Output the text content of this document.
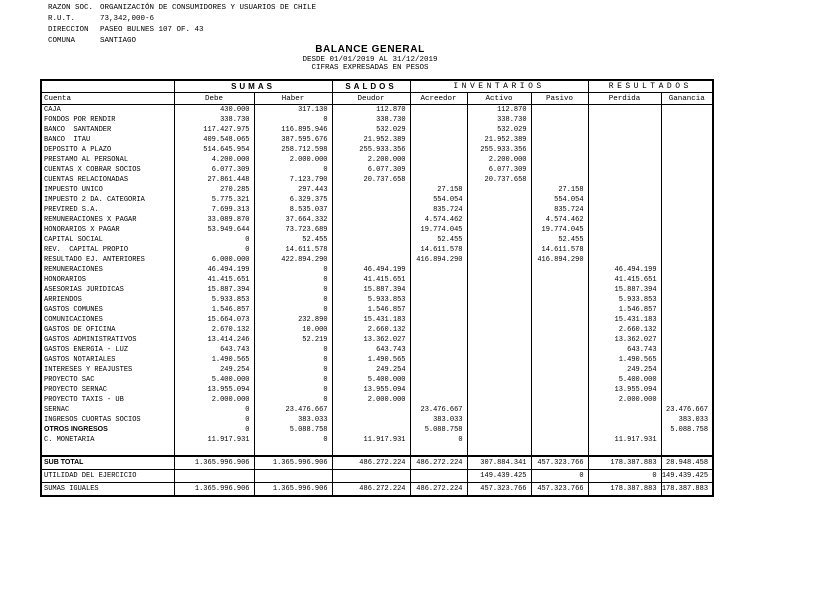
RAZON SOC. ORGANIZACIÓN DE CONSUMIDORES Y USUARIOS DE CHILE
R.U.T.	73,342,000-6
DIRECCION	PASEO BULNES 107 OF. 43
COMUNA	SANTIAGO
BALANCE GENERAL
DESDE 01/01/2019 AL 31/12/2019
CIFRAS EXPRESADAS EN PESOS
	SUMAS		SALDOS	INVENTARIOS			RESULTADOS	
Cuenta	Debe	Haber	Deudor	Acreedor	Activo	Pasivo	Perdida	Ganancia
CAJA	430.000	317.130	112.870		112.870			
FONDOS POR RENDIR	338.730	0	338.730		338.730			
BANCO  SANTANDER	117.427.975	116.895.946	532.029		532.029			
BANCO  ITAU	409.548.065	387.595.676	21.952.389		21.952.389			
DEPOSITO A PLAZO	514.645.954	258.712.598	255.933.356		255.933.356			
PRESTAMO AL PERSONAL	4.200.000	2.000.000	2.200.000		2.200.000			
CUENTAS X COBRAR SOCIOS	6.077.309	0	6.077.309		6.077.309			
CUENTAS RELACIONADAS	27.861.448	7.123.790	20.737.658		20.737.658			
IMPUESTO UNICO	270.285	297.443		27.158		27.158		
IMPUESTO 2 DA. CATEGORIA	5.775.321	6.329.375		554.054		554.054		
PREVIRED S.A.	7.699.313	8.535.037		835.724		835.724		
REMUNERACIONES X PAGAR	33.089.870	37.664.332		4.574.462		4.574.462		
HONORARIOS X PAGAR	53.949.644	73.723.689		19.774.045		19.774.045		
CAPITAL SOCIAL	0	52.455		52.455		52.455		
REV.  CAPITAL PROPIO	0	14.611.578		14.611.578		14.611.578		
RESULTADO EJ. ANTERIORES	6.000.000	422.894.290		416.894.290		416.894.290		
REMUNERACIONES	46.494.199	0	46.494.199				46.494.199	
HONORARIOS	41.415.651	0	41.415.651				41.415.651	
ASESORIAS JURIDICAS	15.887.394	0	15.887.394				15.887.394	
ARRIENDOS	5.933.853	0	5.933.853				5.933.853	
GASTOS COMUNES	1.546.857	0	1.546.857				1.546.857	
COMUNICACIONES	15.664.073	232.890	15.431.183				15.431.183	
GASTOS DE OFICINA	2.670.132	10.000	2.660.132				2.660.132	
GASTOS ADMINISTRATIVOS	13.414.246	52.219	13.362.027				13.362.027	
GASTOS ENERGIA - LUZ	643.743	0	643.743				643.743	
GASTOS NOTARIALES	1.490.565	0	1.490.565				1.490.565	
INTERESES Y REAJUSTES	249.254	0	249.254				249.254	
PROYECTO SAC	5.400.000	0	5.400.000				5.400.000	
PROYECTO SERNAC	13.955.094	0	13.955.094				13.955.094	
PROYECTO TAXIS - UB	2.000.000	0	2.000.000				2.000.000	
SERNAC	0	23.476.667		23.476.667				23.476.667
INGRESOS CUORTAS SOCIOS	0	383.033		383.033				383.033
OTROS INGRESOS	0	5.088.758		5.088.758				5.088.758
C. MONETARIA	11.917.931	0	11.917.931	0			11.917.931	

SUB TOTAL	1.365.996.906	1.365.996.906	486.272.224	486.272.224	307.884.341	457.323.766	178.387.883	28.948.458
UTILIDAD DEL EJERCICIO					149.439.425	0	0	149.439.425
SUMAS IGUALES	1.365.996.906	1.365.996.906	486.272.224	486.272.224	457.323.766	457.323.766	178.387.883	178.387.883
